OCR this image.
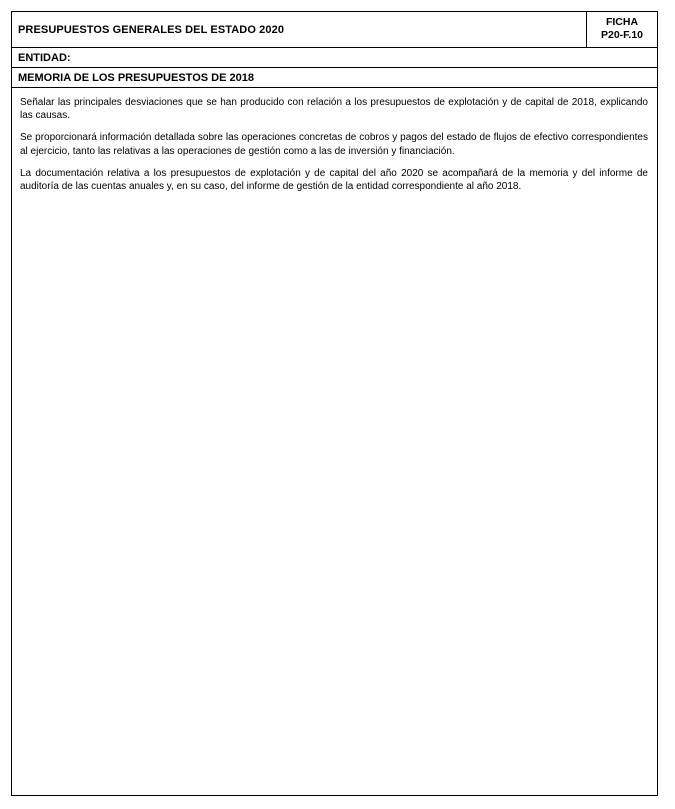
PRESUPUESTOS GENERALES DEL ESTADO 2020
FICHA
P20-F.10
ENTIDAD:
MEMORIA DE LOS PRESUPUESTOS DE 2018

Señalar las principales desviaciones que se han producido con relación a los presupuestos de explotación y de capital de 2018, explicando las causas.

Se proporcionará información detallada sobre las operaciones concretas de cobros y pagos del estado de flujos de efectivo correspondientes al ejercicio, tanto las relativas a las operaciones de gestión como a las de inversión y financiación.

La documentación relativa a los presupuestos de explotación y de capital del año 2020 se acompañará de la memoria y del informe de auditoría de las cuentas anuales y, en su caso, del informe de gestión de la entidad correspondiente al año 2018.
